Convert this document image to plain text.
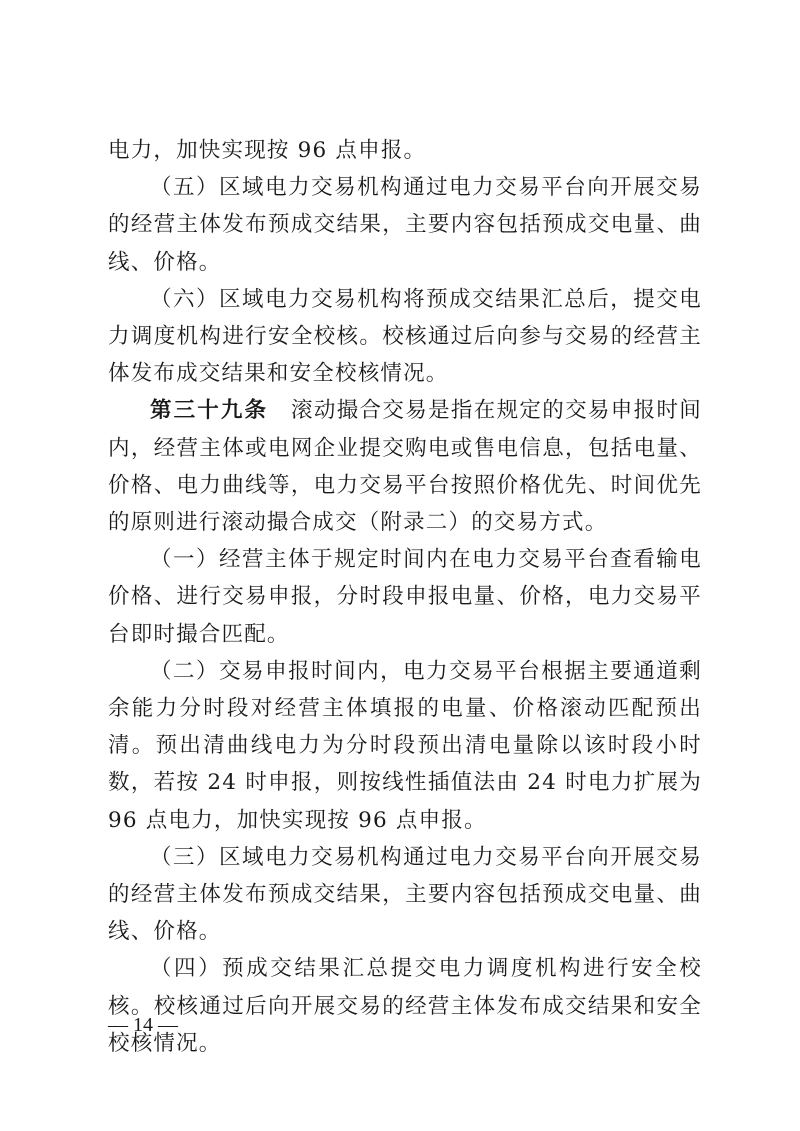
电力，加快实现按 96 点申报。

（五）区域电力交易机构通过电力交易平台向开展交易的经营主体发布预成交结果，主要内容包括预成交电量、曲线、价格。

（六）区域电力交易机构将预成交结果汇总后，提交电力调度机构进行安全校核。校核通过后向参与交易的经营主体发布成交结果和安全校核情况。

第三十九条　滚动撮合交易是指在规定的交易申报时间内，经营主体或电网企业提交购电或售电信息，包括电量、价格、电力曲线等，电力交易平台按照价格优先、时间优先的原则进行滚动撮合成交（附录二）的交易方式。

（一）经营主体于规定时间内在电力交易平台查看输电价格、进行交易申报，分时段申报电量、价格，电力交易平台即时撮合匹配。

（二）交易申报时间内，电力交易平台根据主要通道剩余能力分时段对经营主体填报的电量、价格滚动匹配预出清。预出清曲线电力为分时段预出清电量除以该时段小时数，若按 24 时申报，则按线性插值法由 24 时电力扩展为 96 点电力，加快实现按 96 点申报。

（三）区域电力交易机构通过电力交易平台向开展交易的经营主体发布预成交结果，主要内容包括预成交电量、曲线、价格。

（四）预成交结果汇总提交电力调度机构进行安全校核。校核通过后向开展交易的经营主体发布成交结果和安全校核情况。

— 14 —
